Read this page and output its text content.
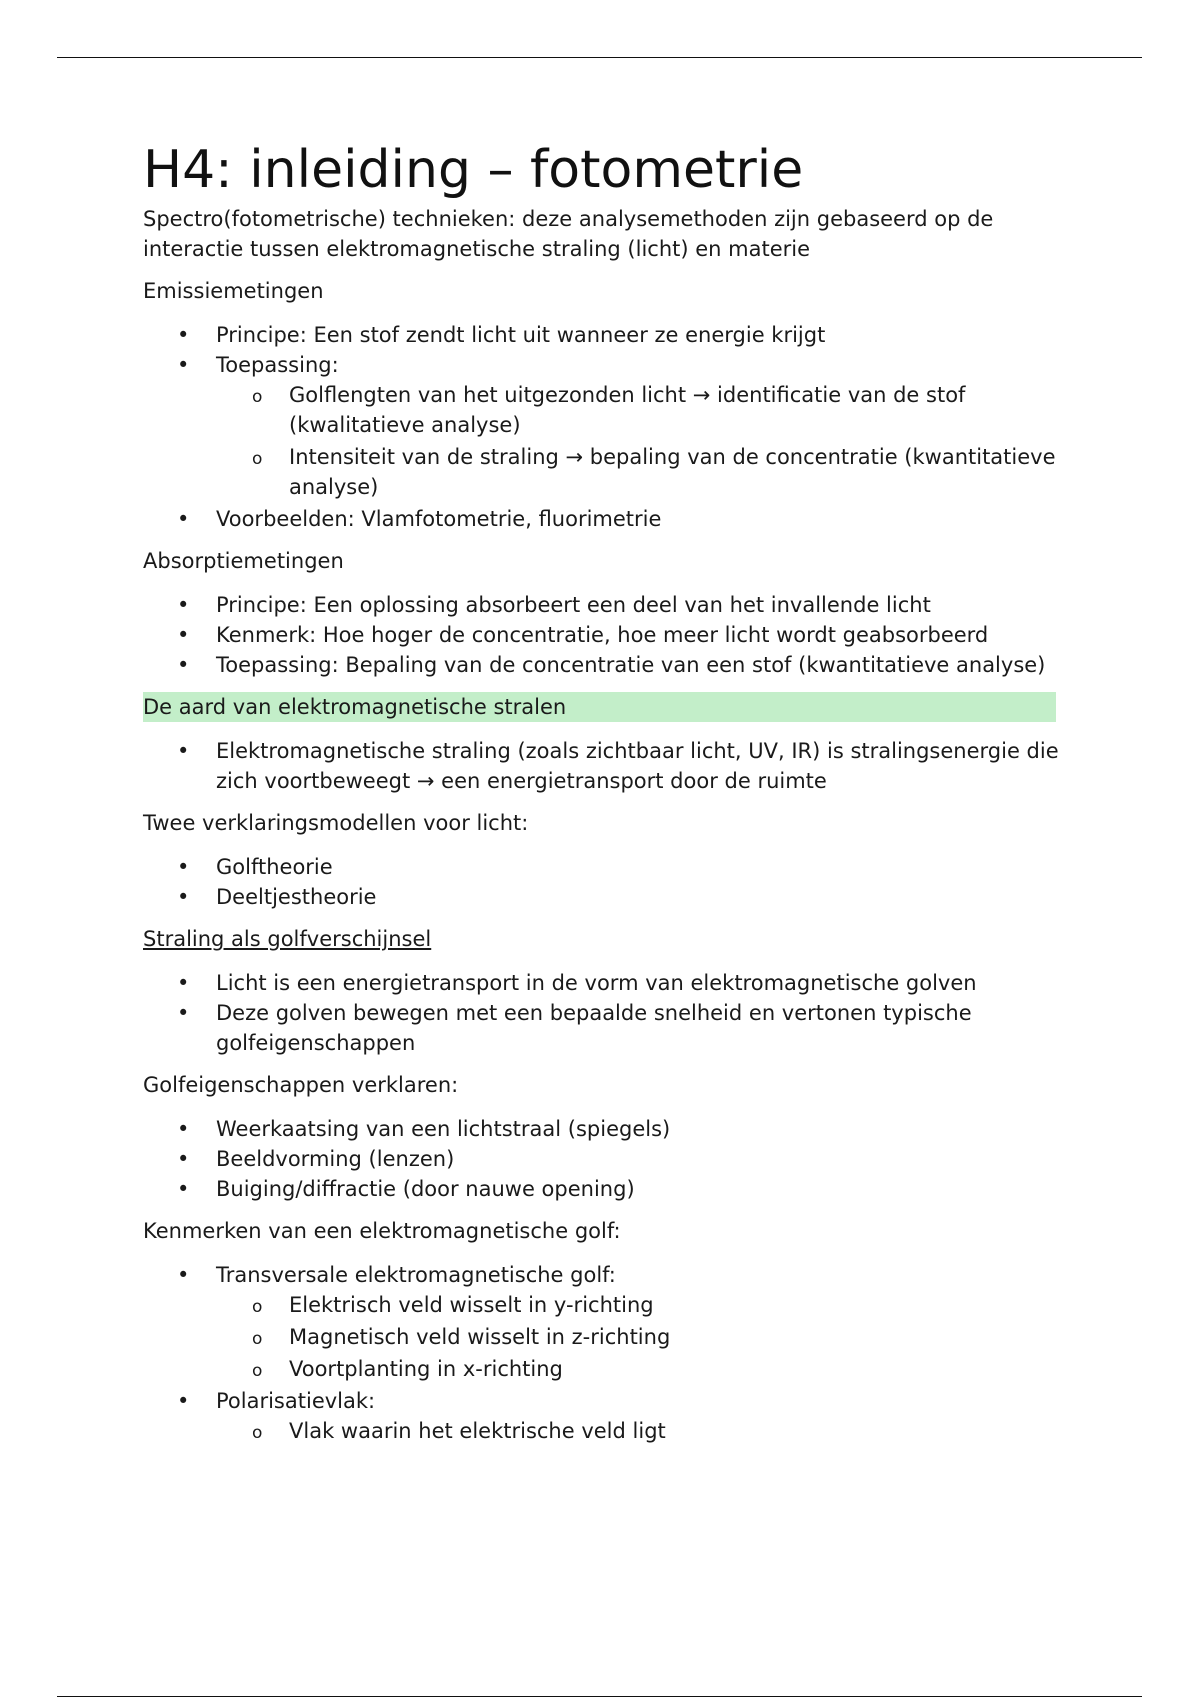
H4: inleiding – fotometrie

Spectro(fotometrische) technieken: deze analysemethoden zijn gebaseerd op de interactie tussen elektromagnetische straling (licht) en materie

Emissiemetingen

• Principe: Een stof zendt licht uit wanneer ze energie krijgt
• Toepassing:
o Golflengten van het uitgezonden licht → identificatie van de stof (kwalitatieve analyse)
o Intensiteit van de straling → bepaling van de concentratie (kwantitatieve analyse)
• Voorbeelden: Vlamfotometrie, fluorimetrie

Absorptiemetingen

• Principe: Een oplossing absorbeert een deel van het invallende licht
• Kenmerk: Hoe hoger de concentratie, hoe meer licht wordt geabsorbeerd
• Toepassing: Bepaling van de concentratie van een stof (kwantitatieve analyse)

De aard van elektromagnetische stralen

• Elektromagnetische straling (zoals zichtbaar licht, UV, IR) is stralingsenergie die zich voortbeweegt → een energietransport door de ruimte

Twee verklaringsmodellen voor licht:

• Golftheorie
• Deeltjestheorie

Straling als golfverschijnsel

• Licht is een energietransport in de vorm van elektromagnetische golven
• Deze golven bewegen met een bepaalde snelheid en vertonen typische golfeigenschappen

Golfeigenschappen verklaren:

• Weerkaatsing van een lichtstraal (spiegels)
• Beeldvorming (lenzen)
• Buiging/diffractie (door nauwe opening)

Kenmerken van een elektromagnetische golf:

• Transversale elektromagnetische golf:
o Elektrisch veld wisselt in y-richting
o Magnetisch veld wisselt in z-richting
o Voortplanting in x-richting
• Polarisatievlak:
o Vlak waarin het elektrische veld ligt
